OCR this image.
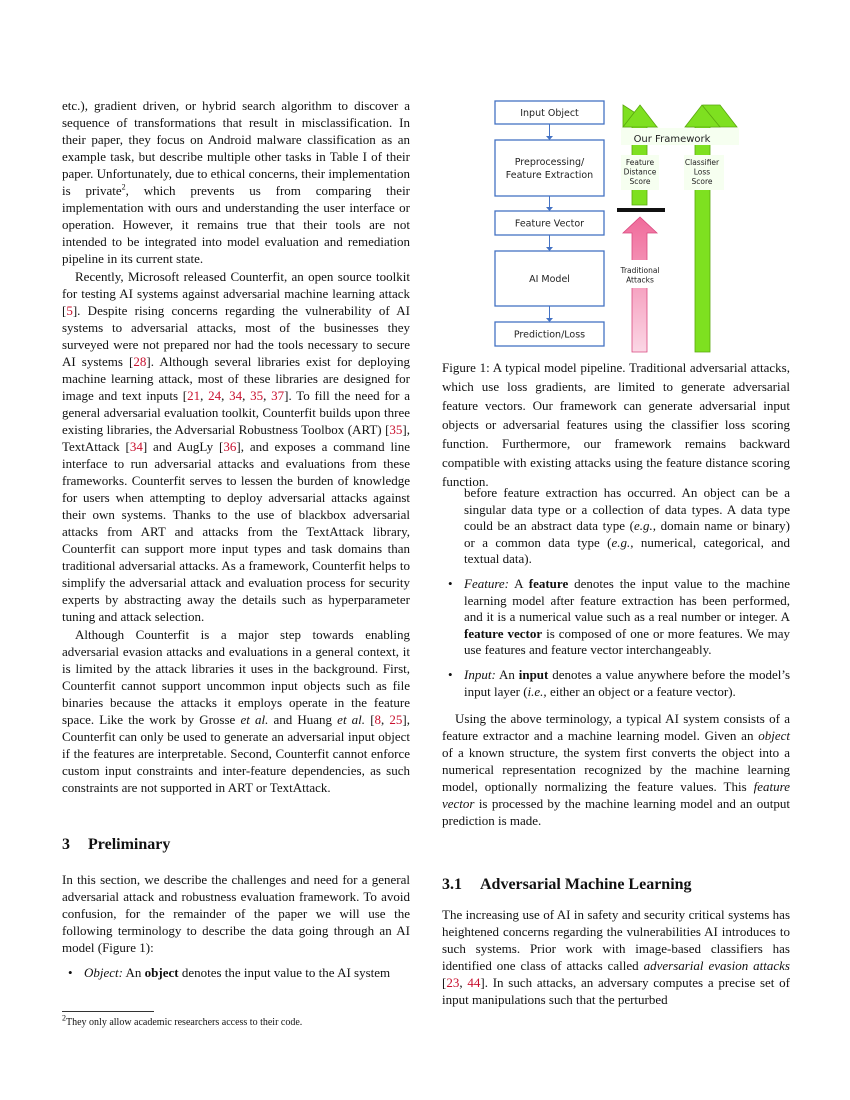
etc.), gradient driven, or hybrid search algorithm to discover a sequence of transformations that result in misclassification. In their paper, they focus on Android malware classification as an example task, but describe multiple other tasks in Table I of their paper. Unfortunately, due to ethical concerns, their implementation is private$^2$, which prevents us from comparing their implementation with ours and understanding the user interface or operation. However, it remains true that their tools are not intended to be integrated into model evaluation and remediation pipeline in its current state.

Recently, Microsoft released Counterfit, an open source toolkit for testing AI systems against adversarial machine learning attack [5]. Despite rising concerns regarding the vulnerability of AI systems to adversarial attacks, most of the businesses they surveyed were not prepared nor had the tools necessary to secure AI systems [28]. Although several libraries exist for deploying machine learning attack, most of these libraries are designed for image and text inputs [21, 24, 34, 35, 37]. To fill the need for a general adversarial evaluation toolkit, Counterfit builds upon three existing libraries, the Adversarial Robustness Toolbox (ART) [35], TextAttack [34] and AugLy [36], and exposes a command line interface to run adversarial attacks and evaluations from these frameworks. Counterfit serves to lessen the burden of knowledge for users when attempting to deploy adversarial attacks against their own systems. Thanks to the use of blackbox adversarial attacks from ART and attacks from the TextAttack library, Counterfit can support more input types and task domains than traditional adversarial attacks. As a framework, Counterfit helps to simplify the adversarial attack and evaluation process for security experts by abstracting away the details such as hyperparameter tuning and attack selection.

Although Counterfit is a major step towards enabling adversarial evasion attacks and evaluations in a general context, it is limited by the attack libraries it uses in the background. First, Counterfit cannot support uncommon input objects such as file binaries because the attacks it employs operate in the feature space. Like the work by Grosse et al. and Huang et al. [8, 25], Counterfit can only be used to generate an adversarial input object if the features are interpretable. Second, Counterfit cannot enforce custom input constraints and inter-feature dependencies, as such constraints are not supported in ART or TextAttack.

3 Preliminary

In this section, we describe the challenges and need for a general adversarial attack and robustness evaluation framework. To avoid confusion, for the remainder of the paper we will use the following terminology to describe the data going through an AI model (Figure 1):

• Object: An object denotes the input value to the AI system

$^2$They only allow academic researchers access to their code.
Input Object
Preprocessing/ Feature Extraction
Feature Vector
AI Model
Prediction/Loss
Our Framework
Feature Distance Score
Classifier Loss Score
Traditional Attacks
Figure 1: A typical model pipeline. Traditional adversarial attacks, which use loss gradients, are limited to generate adversarial feature vectors. Our framework can generate adversarial input objects or adversarial features using the classifier loss scoring function. Furthermore, our framework remains backward compatible with existing attacks using the feature distance scoring function.

before feature extraction has occurred. An object can be a singular data type or a collection of data types. A data type could be an abstract data type (e.g., domain name or binary) or a common data type (e.g., numerical, categorical, and textual data).

• Feature: A feature denotes the input value to the machine learning model after feature extraction has been performed, and it is a numerical value such as a real number or integer. A feature vector is composed of one or more features. We may use features and feature vector interchangeably.

• Input: An input denotes a value anywhere before the model’s input layer (i.e., either an object or a feature vector).

Using the above terminology, a typical AI system consists of a feature extractor and a machine learning model. Given an object of a known structure, the system first converts the object into a numerical representation recognized by the machine learning model, optionally normalizing the feature values. This feature vector is processed by the machine learning model and an output prediction is made.

3.1 Adversarial Machine Learning
The increasing use of AI in safety and security critical systems has heightened concerns regarding the vulnerabilities AI introduces to such systems. Prior work with image-based classifiers has identified one class of attacks called adversarial evasion attacks [23, 44]. In such attacks, an adversary computes a precise set of input manipulations such that the perturbed
